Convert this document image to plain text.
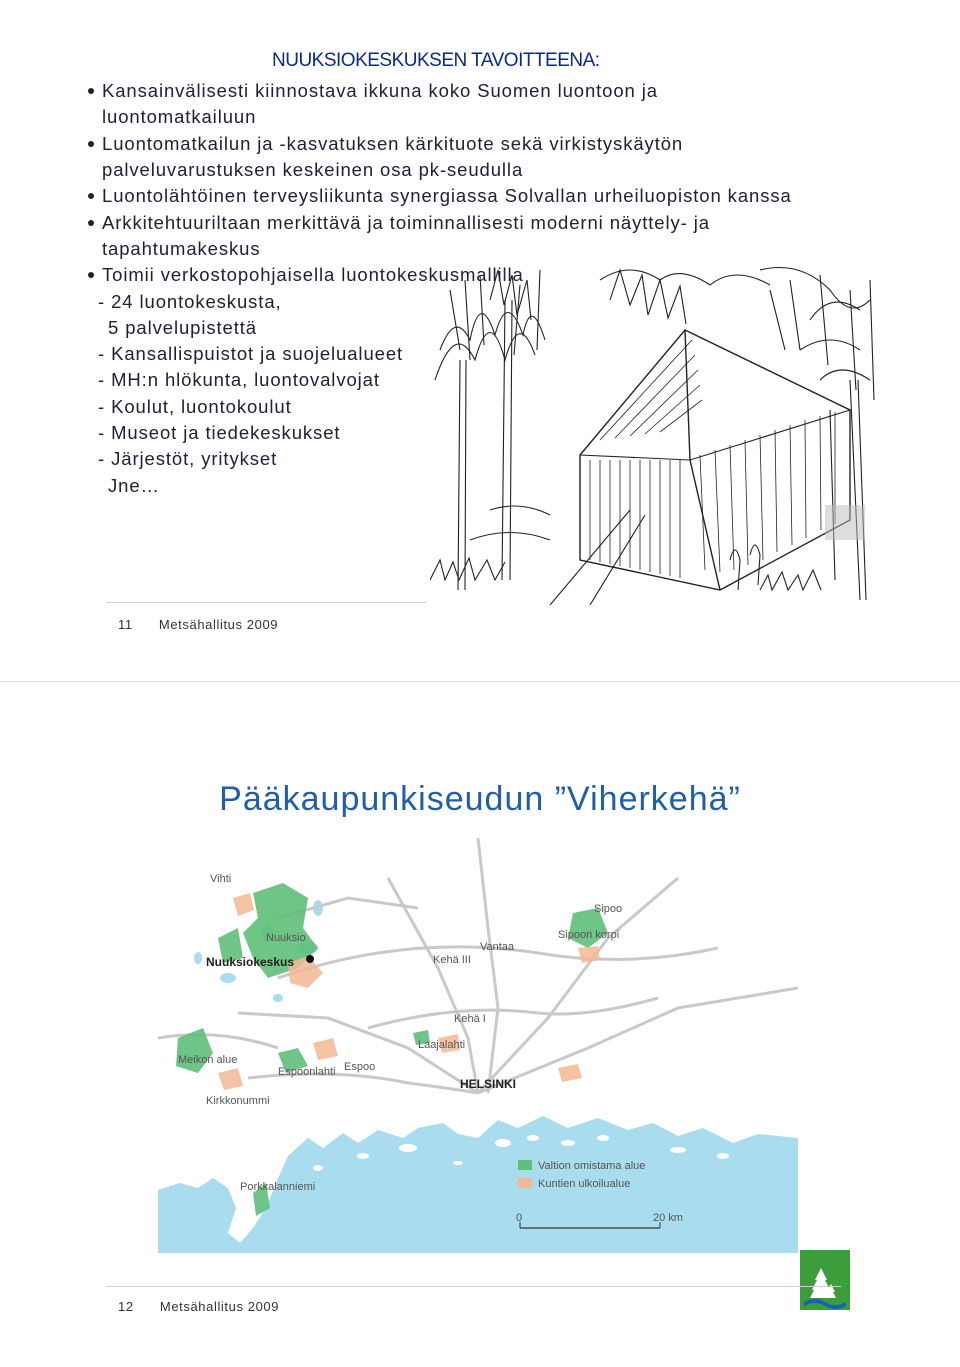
NUUKSIOKESKUKSEN TAVOITTEENA:
Kansainvälisesti kiinnostava ikkuna koko Suomen luontoon ja
luontomatkailuun
Luontomatkailun ja -kasvatuksen kärkituote sekä virkistyskäytön
palveluvarustuksen keskeinen osa pk-seudulla
Luontolähtöinen terveysliikunta synergiassa Solvallan urheiluopiston kanssa
Arkkitehtuuriltaan merkittävä ja toiminnallisesti moderni näyttely- ja
tapahtumakeskus
Toimii verkostopohjaisella luontokeskusmallilla
- 24 luontokeskusta,
5 palvelupistettä
- Kansallispuistot ja suojelualueet
- MH:n hlökunta, luontovalvojat
- Koulut, luontokoulut
- Museot ja tiedekeskukset
- Järjestöt, yritykset
Jne…
11 Metsähallitus 2009
Pääkaupunkiseudun ”Viherkehä”
Vihti
Sipoo
Nuuksio
Nuuksiokeskus	Kehä III
Vantaa
Sipoon korpi
Kehä I
Laajalahti
Meikon alue
Espoo
Espoonlahti
HELSINKI
Kirkkonummi
Porkkalanniemi
Valtion omistama alue
Kuntien ulkoilualue
0	20 km
12 Metsähallitus 2009
